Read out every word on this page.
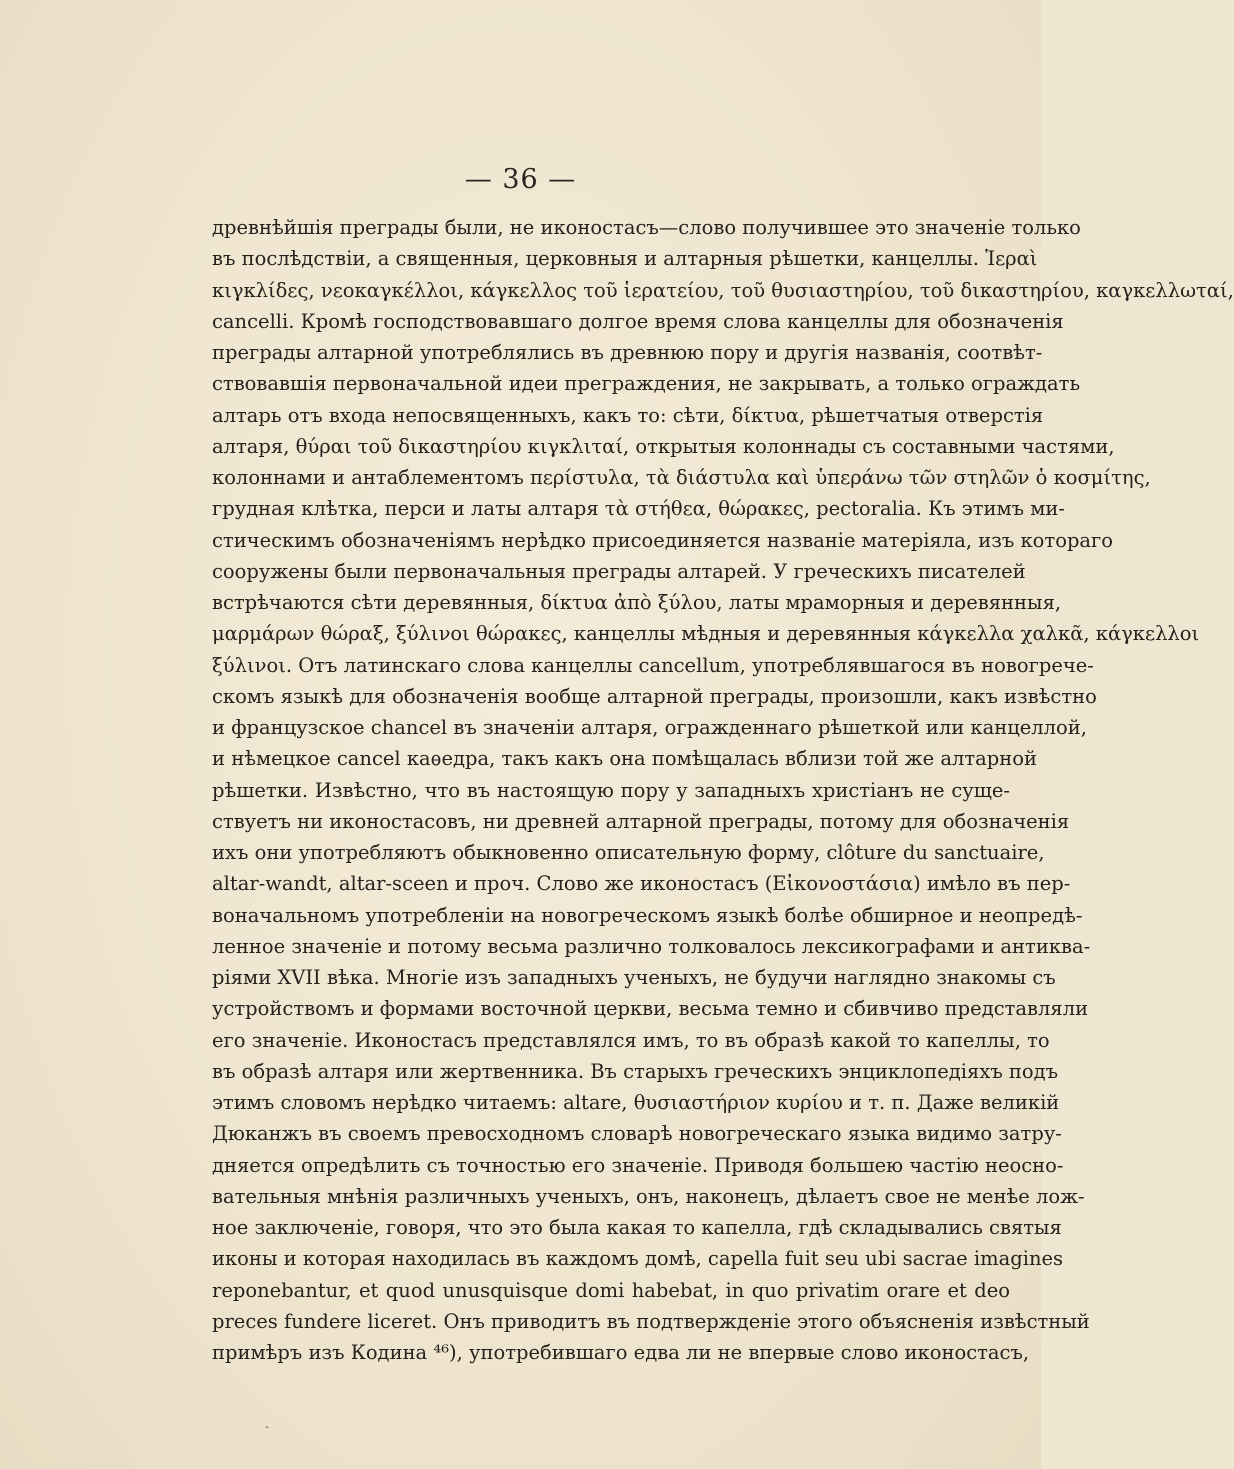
— 36 —
древнѣйшія преграды были, не иконостасъ—слово получившее это значеніе только
въ послѣдствіи, а священныя, церковныя и алтарныя рѣшетки, канцеллы. Ἱεραὶ
κιγκλίδες, νεοκαγκέλλοι, κάγκελλος τοῦ ἱερατείου, τοῦ θυσιαστηρίου, τοῦ δικαστηρίου, καγκελλωταί,
cancelli. Кромѣ господствовавшаго долгое время слова канцеллы для обозначенія
преграды алтарной употреблялись въ древнюю пору и другія названія, соотвѣт-
ствовавшія первоначальной идеи преграждения, не закрывать, а только ограждать
алтарь отъ входа непосвященныхъ, какъ то: сѣти, δίκτυα, рѣшетчатыя отверстія
алтаря, θύραι τοῦ δικαστηρίου κιγκλιταί, открытыя колоннады съ составными частями,
колоннами и антаблементомъ περίστυλα, τὰ διάστυλα καὶ ὑπεράνω τῶν στηλῶν ὁ κοσμίτης,
грудная клѣтка, перси и латы алтаря τὰ στήθεα, θώρακες, pectoralia. Къ этимъ ми-
стическимъ обозначеніямъ нерѣдко присоединяется названіе матеріяла, изъ котораго
сооружены были первоначальныя преграды алтарей. У греческихъ писателей
встрѣчаются сѣти деревянныя, δίκτυα ἀπὸ ξύλου, латы мраморныя и деревянныя,
μαρμάρων θώραξ, ξύλινοι θώρακες, канцеллы мѣдныя и деревянныя κάγκελλα χαλκᾶ, κάγκελλοι
ξύλινοι. Отъ латинскаго слова канцеллы cancellum, употреблявшагося въ новогрече-
скомъ языкѣ для обозначенія вообще алтарной преграды, произошли, какъ извѣстно
и французское chancel въ значеніи алтаря, огражденнаго рѣшеткой или канцеллой,
и нѣмецкое cancel каѳедра, такъ какъ она помѣщалась вблизи той же алтарной
рѣшетки. Извѣстно, что въ настоящую пору у западныхъ христіанъ не суще-
ствуетъ ни иконостасовъ, ни древней алтарной преграды, потому для обозначенія
ихъ они употребляютъ обыкновенно описательную форму, clôture du sanctuaire,
altar-wandt, altar-sceen и проч. Слово же иконостасъ (Εἰκονοστάσια) имѣло въ пер-
воначальномъ употребленіи на новогреческомъ языкѣ болѣе обширное и неопредѣ-
ленное значеніе и потому весьма различно толковалось лексикографами и антиква-
ріями XVII вѣка. Многіе изъ западныхъ ученыхъ, не будучи наглядно знакомы съ
устройствомъ и формами восточной церкви, весьма темно и сбивчиво представляли
его значеніе. Иконостасъ представлялся имъ, то въ образѣ какой то капеллы, то
въ образѣ алтаря или жертвенника. Въ старыхъ греческихъ энциклопедіяхъ подъ
этимъ словомъ нерѣдко читаемъ: altare, θυσιαστήριον κυρίου и т. п. Даже великій
Дюканжъ въ своемъ превосходномъ словарѣ новогреческаго языка видимо затру-
дняется опредѣлить съ точностью его значеніе. Приводя большею частію неосно-
вательныя мнѣнія различныхъ ученыхъ, онъ, наконецъ, дѣлаетъ свое не менѣе лож-
ное заключеніе, говоря, что это была какая то капелла, гдѣ складывались святыя
иконы и которая находилась въ каждомъ домѣ, capella fuit seu ubi sacrae imagines
reponebantur, et quod unusquisque domi habebat, in quo privatim orare et deo
preces fundere liceret. Онъ приводитъ въ подтвержденіе этого объясненія извѣстный
примѣръ изъ Кодина ⁴⁶), употребившаго едва ли не впервые слово иконостасъ,
ˏ
